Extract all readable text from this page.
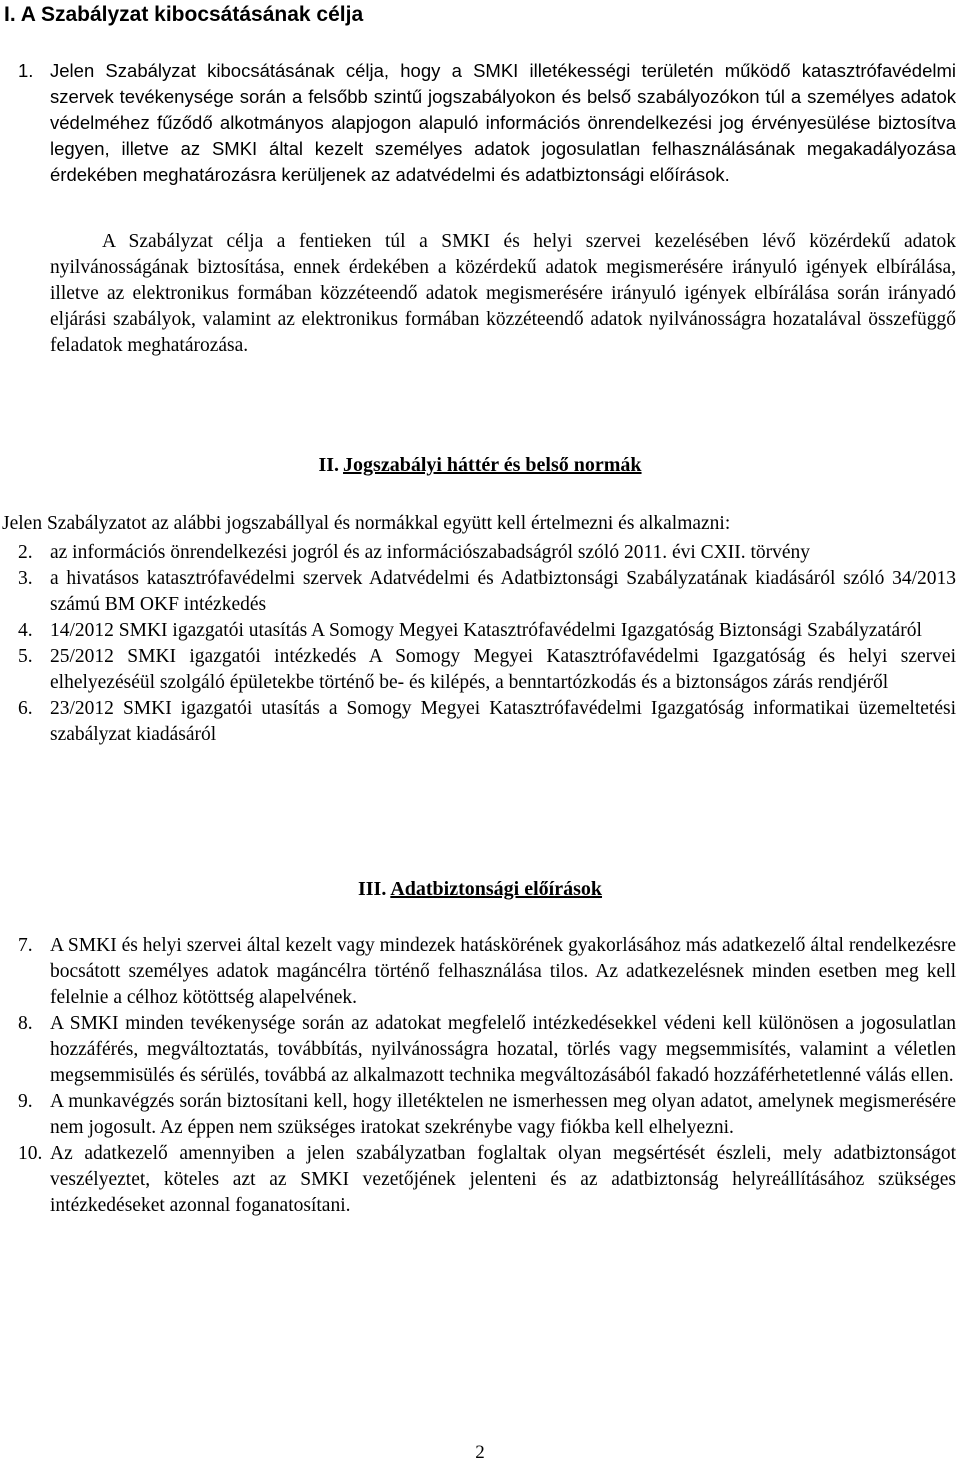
I. A Szabályzat kibocsátásának célja
1. Jelen Szabályzat kibocsátásának célja, hogy a SMKI illetékességi területén működő katasztrófavédelmi szervek tevékenysége során a felsőbb szintű jogszabályokon és belső szabályozókon túl a személyes adatok védelméhez fűződő alkotmányos alapjogon alapuló információs önrendelkezési jog érvényesülése biztosítva legyen, illetve az SMKI által kezelt személyes adatok jogosulatlan felhasználásának megakadályozása érdekében meghatározásra kerüljenek az adatvédelmi és adatbiztonsági előírások.
A Szabályzat célja a fentieken túl a SMKI és helyi szervei kezelésében lévő közérdekű adatok nyilvánosságának biztosítása, ennek érdekében a közérdekű adatok megismerésére irányuló igények elbírálása, illetve az elektronikus formában közzéteendő adatok megismerésére irányuló igények elbírálása során irányadó eljárási szabályok, valamint az elektronikus formában közzéteendő adatok nyilvánosságra hozatalával összefüggő feladatok meghatározása.
II. Jogszabályi háttér és belső normák
Jelen Szabályzatot az alábbi jogszabállyal és normákkal együtt kell értelmezni és alkalmazni:
2. az információs önrendelkezési jogról és az információszabadságról szóló 2011. évi CXII. törvény
3. a hivatásos katasztrófavédelmi szervek Adatvédelmi és Adatbiztonsági Szabályzatának kiadásáról szóló 34/2013 számú BM OKF intézkedés
4. 14/2012 SMKI igazgatói utasítás A Somogy Megyei Katasztrófavédelmi Igazgatóság Biztonsági Szabályzatáról
5. 25/2012 SMKI igazgatói intézkedés A Somogy Megyei Katasztrófavédelmi Igazgatóság és helyi szervei elhelyezéséül szolgáló épületekbe történő be- és kilépés, a benntartózkodás és a biztonságos zárás rendjéről
6. 23/2012 SMKI igazgatói utasítás a Somogy Megyei Katasztrófavédelmi Igazgatóság informatikai üzemeltetési szabályzat kiadásáról
III. Adatbiztonsági előírások
7. A SMKI és helyi szervei által kezelt vagy mindezek hatáskörének gyakorlásához más adatkezelő által rendelkezésre bocsátott személyes adatok magáncélra történő felhasználása tilos. Az adatkezelésnek minden esetben meg kell felelnie a célhoz kötöttség alapelvének.
8. A SMKI minden tevékenysége során az adatokat megfelelő intézkedésekkel védeni kell különösen a jogosulatlan hozzáférés, megváltoztatás, továbbítás, nyilvánosságra hozatal, törlés vagy megsemmisítés, valamint a véletlen megsemmisülés és sérülés, továbbá az alkalmazott technika megváltozásából fakadó hozzáférhetetlenné válás ellen.
9. A munkavégzés során biztosítani kell, hogy illetéktelen ne ismerhessen meg olyan adatot, amelynek megismerésére nem jogosult. Az éppen nem szükséges iratokat szekrénybe vagy fiókba kell elhelyezni.
10. Az adatkezelő amennyiben a jelen szabályzatban foglaltak olyan megsértését észleli, mely adatbiztonságot veszélyeztet, köteles azt az SMKI vezetőjének jelenteni és az adatbiztonság helyreállításához szükséges intézkedéseket azonnal foganatosítani.
2
